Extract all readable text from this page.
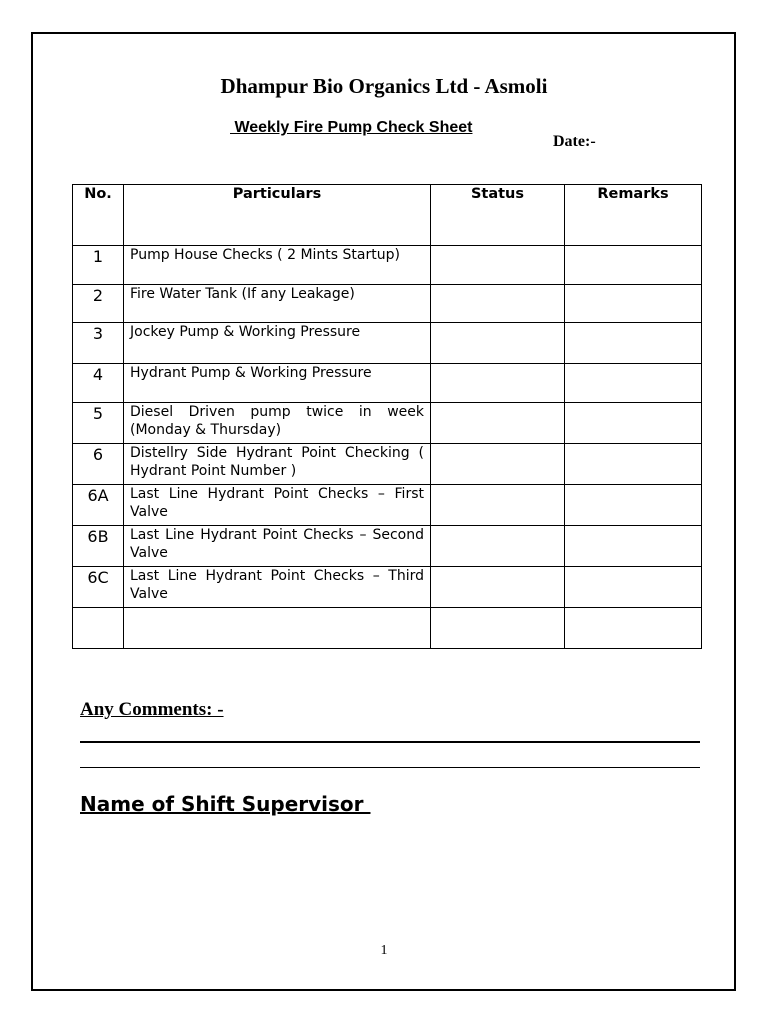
Dhampur Bio Organics Ltd - Asmoli
Weekly Fire Pump Check Sheet
Date:-
No.	Particulars	Status	Remarks
1	Pump House Checks ( 2 Mints Startup)		
2	Fire Water Tank (If any Leakage)		
3	Jockey Pump & Working Pressure		
4	Hydrant Pump & Working Pressure		
5	Diesel Driven pump twice in week (Monday & Thursday)		
6	Distellry Side Hydrant Point Checking ( Hydrant Point Number )		
6A	Last Line Hydrant Point Checks – First Valve		
6B	Last Line Hydrant Point Checks – Second Valve		
6C	Last Line Hydrant Point Checks – Third Valve		

Any Comments: -
Name of Shift Supervisor
1
